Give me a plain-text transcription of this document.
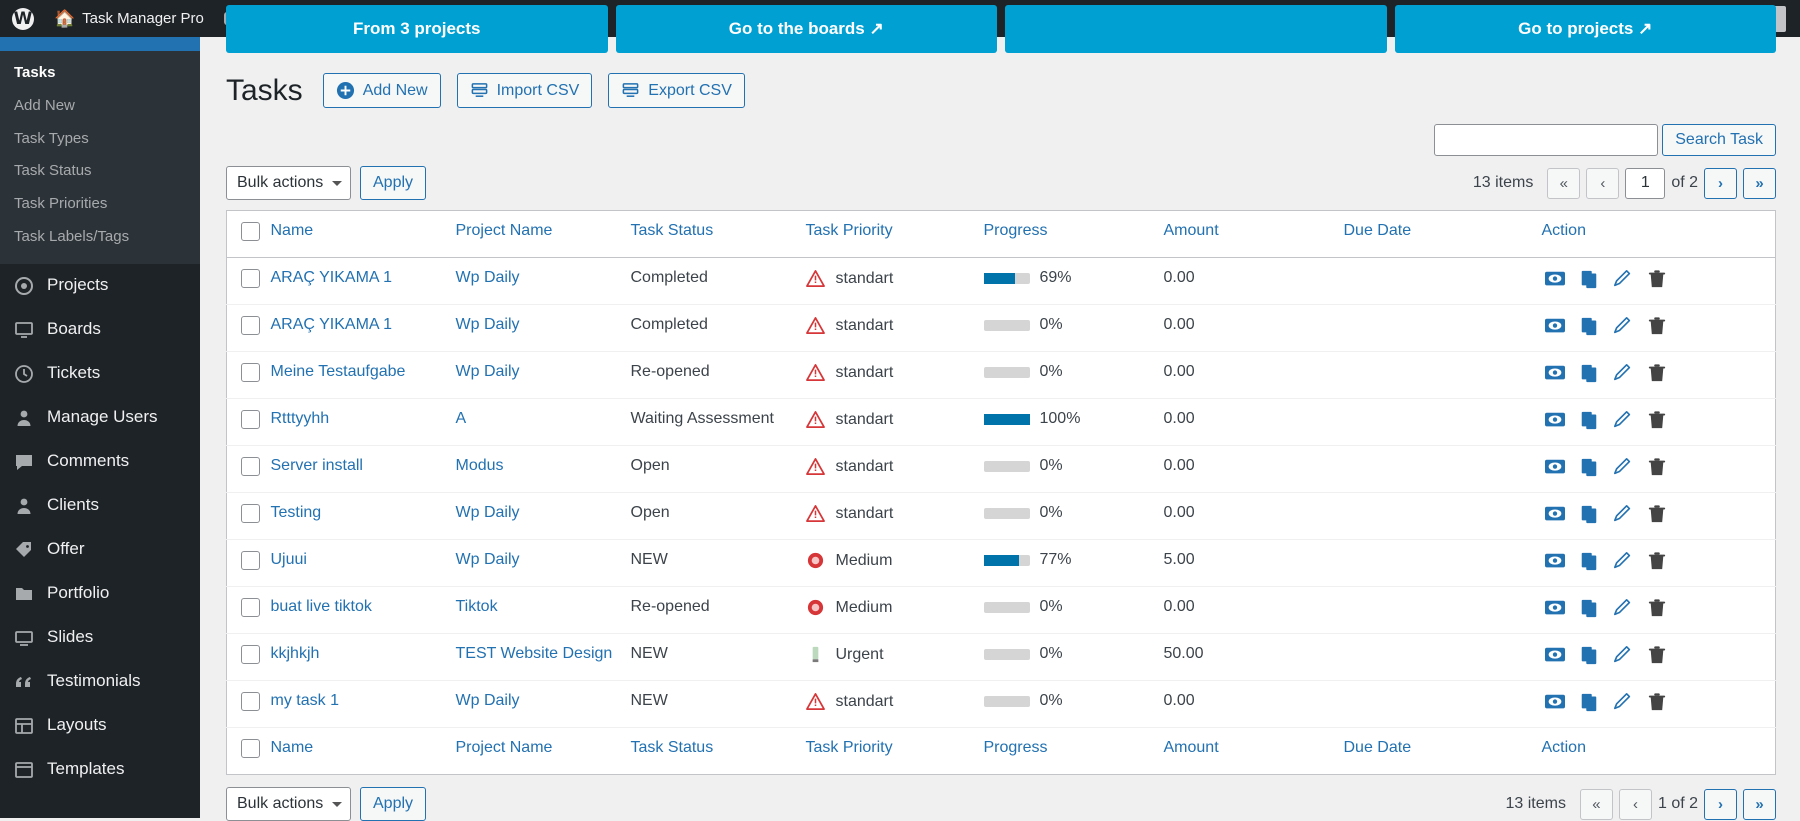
W 🏠 Task Manager Pro
Tasks
Add New
Task Types
Task Status
Task Priorities
Task Labels/Tags
Projects
Boards
Tickets
Manage Users
Comments
Clients
Offer
Portfolio
Slides
Testimonials
Layouts
Templates
From 3 projects	Go to the boards ↗	Go to projects ↗
Tasks	Add New	Import CSV	Export CSV
Search Task
Bulk actions	Apply	13 items	«	‹	1	of 2	›	»
	Name	Project Name	Task Status	Task Priority	Progress	Amount	Due Date	Action
	ARAÇ YIKAMA 1	Wp Daily	Completed	standart	69%	0.00		

	ARAÇ YIKAMA 1	Wp Daily	Completed	standart	0%	0.00		

	Meine Testaufgabe	Wp Daily	Re-opened	standart	0%	0.00		

	Rtttyyhh	A	Waiting Assessment	standart	100%	0.00		

	Server install	Modus	Open	standart	0%	0.00		

	Testing	Wp Daily	Open	standart	0%	0.00		

	Ujuui	Wp Daily	NEW	Medium	77%	5.00		

	buat live tiktok	Tiktok	Re-opened	Medium	0%	0.00		

	kkjhkjh	TEST Website Design	NEW	Urgent	0%	50.00		

	my task 1	Wp Daily	NEW	standart	0%	0.00		

	Name	Project Name	Task Status	Task Priority	Progress	Amount	Due Date	Action
Bulk actions	Apply	13 items	«	‹	1 of 2	›	»
